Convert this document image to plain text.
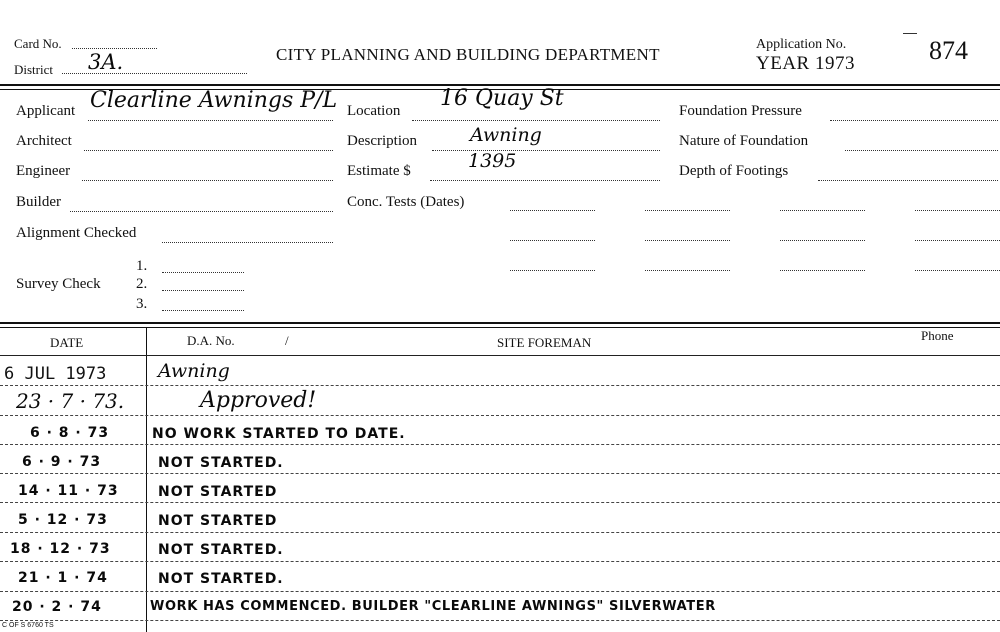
Card No.
District 3A.	CITY PLANNING AND BUILDING DEPARTMENT
Application No.
YEAR 1973	874
Applicant Clearline Awnings P/L
Architect
Engineer
Builder
Alignment Checked
Survey Check
1.
2.
3.
Location 16 Quay St
Description	Awning
Estimate $	1395
Conc. Tests (Dates)
Foundation Pressure
Nature of Foundation
Depth of Footings
DATE	D.A. No.	/	SITE FOREMAN	Phone
6 JUL 1973	Awning
23 · 7 · 73.	Approved!
6 · 8 · 73	NO WORK STARTED TO DATE.
6 · 9 · 73	NOT STARTED.
14 · 11 · 73	NOT STARTED
5 · 12 · 73	NOT STARTED
18 · 12 · 73	NOT STARTED.
21 · 1 · 74	NOT STARTED.
20 · 2 · 74	WORK HAS COMMENCED. BUILDER "CLEARLINE AWNINGS" SILVERWATER
C OF S 6760 TS
